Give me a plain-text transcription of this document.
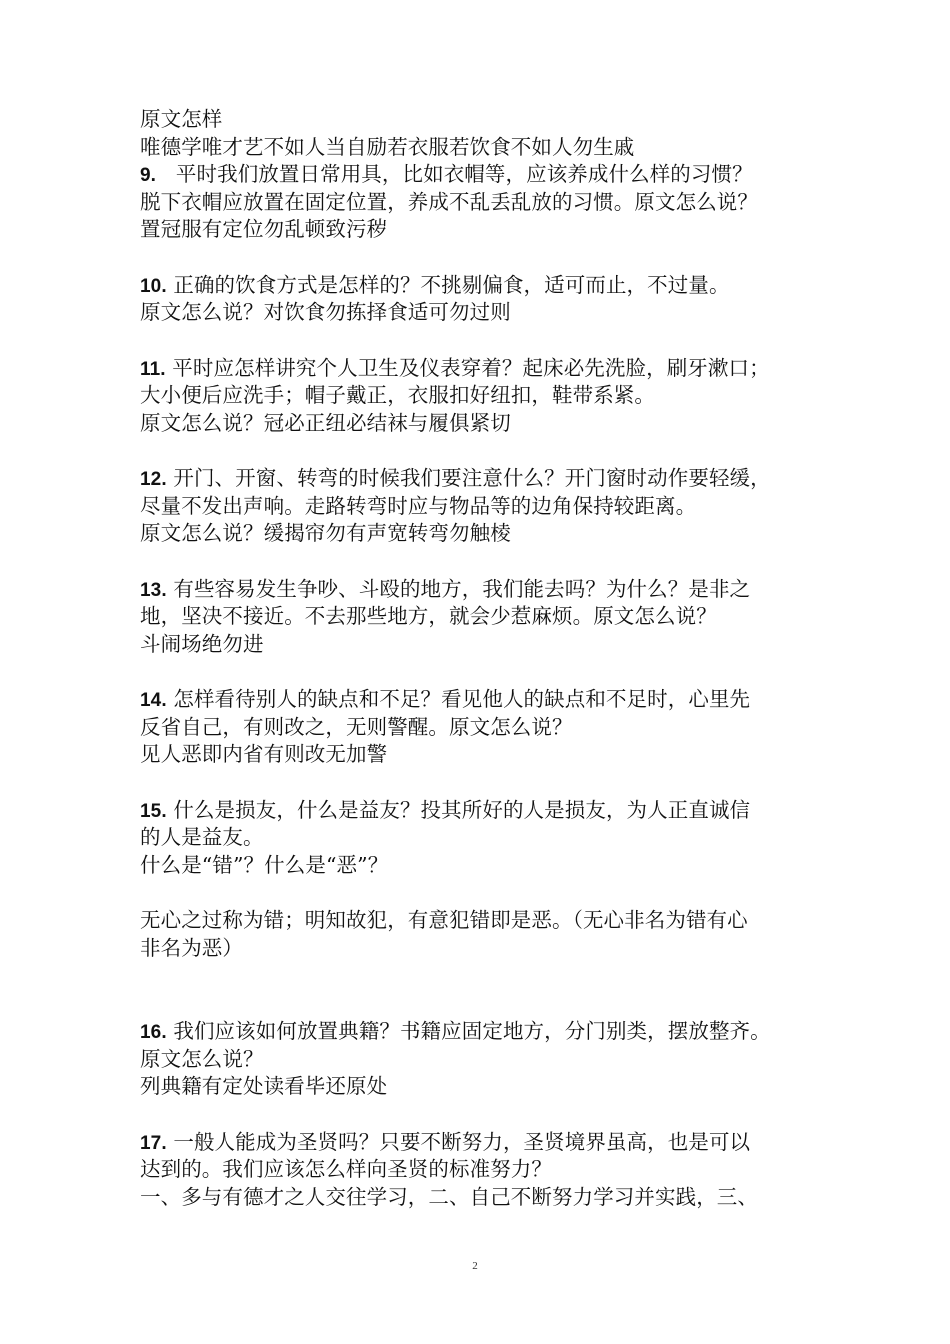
原文怎样
唯德学唯才艺不如人当自励若衣服若饮食不如人勿生戚
9. 平时我们放置日常用具，比如衣帽等，应该养成什么样的习惯？
脱下衣帽应放置在固定位置，养成不乱丢乱放的习惯。原文怎么说？
置冠服有定位勿乱顿致污秽
10. 正确的饮食方式是怎样的？不挑剔偏食，适可而止，不过量。
原文怎么说？对饮食勿拣择食适可勿过则
11. 平时应怎样讲究个人卫生及仪表穿着？起床必先洗脸，刷牙漱口；
大小便后应洗手；帽子戴正，衣服扣好纽扣，鞋带系紧。
原文怎么说？冠必正纽必结袜与履俱紧切
12. 开门、开窗、转弯的时候我们要注意什么？开门窗时动作要轻缓，
尽量不发出声响。走路转弯时应与物品等的边角保持较距离。
原文怎么说？缓揭帘勿有声宽转弯勿触棱
13. 有些容易发生争吵、斗殴的地方，我们能去吗？为什么？是非之
地，坚决不接近。不去那些地方，就会少惹麻烦。原文怎么说？
斗闹场绝勿进
14. 怎样看待别人的缺点和不足？看见他人的缺点和不足时，心里先
反省自己，有则改之，无则警醒。原文怎么说？
见人恶即内省有则改无加警
15. 什么是损友，什么是益友？投其所好的人是损友，为人正直诚信
的人是益友。
什么是“错”？什么是“恶”？
无心之过称为错；明知故犯，有意犯错即是恶。（无心非名为错有心
非名为恶）
16. 我们应该如何放置典籍？书籍应固定地方，分门别类，摆放整齐。
原文怎么说？
列典籍有定处读看毕还原处
17. 一般人能成为圣贤吗？只要不断努力，圣贤境界虽高，也是可以
达到的。我们应该怎么样向圣贤的标准努力？
一、多与有德才之人交往学习，二、自己不断努力学习并实践，三、
2
